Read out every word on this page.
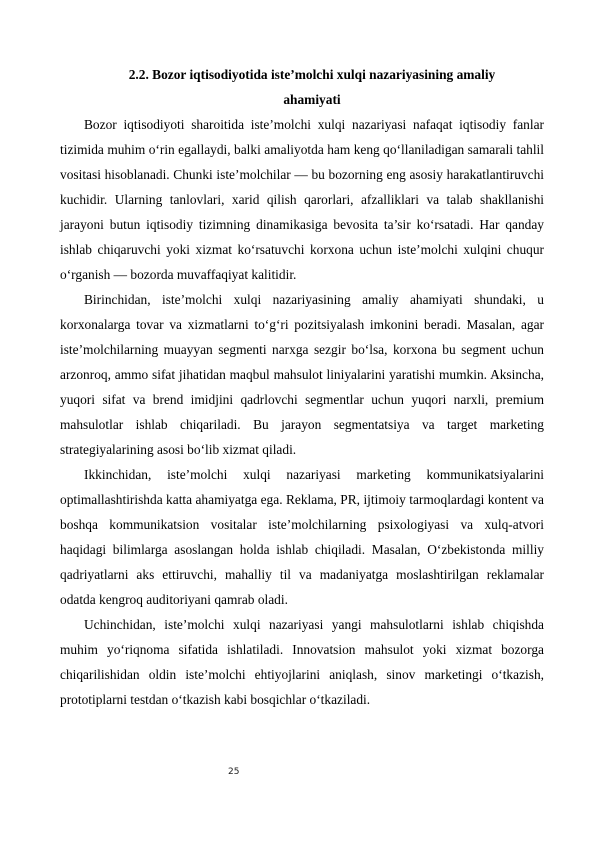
2.2. Bozor iqtisodiyotida iste’molchi xulqi nazariyasining amaliy

ahamiyati

Bozor iqtisodiyoti sharoitida iste’molchi xulqi nazariyasi nafaqat iqtisodiy fanlar tizimida muhim o‘rin egallaydi, balki amaliyotda ham keng qo‘llaniladigan samarali tahlil vositasi hisoblanadi. Chunki iste’molchilar — bu bozorning eng asosiy harakatlantiruvchi kuchidir. Ularning tanlovlari, xarid qilish qarorlari, afzalliklari va talab shakllanishi jarayoni butun iqtisodiy tizimning dinamikasiga bevosita ta’sir ko‘rsatadi. Har qanday ishlab chiqaruvchi yoki xizmat ko‘rsatuvchi korxona uchun iste’molchi xulqini chuqur o‘rganish — bozorda muvaffaqiyat kalitidir.

Birinchidan, iste’molchi xulqi nazariyasining amaliy ahamiyati shundaki, u korxonalarga tovar va xizmatlarni to‘g‘ri pozitsiyalash imkonini beradi. Masalan, agar iste’molchilarning muayyan segmenti narxga sezgir bo‘lsa, korxona bu segment uchun arzonroq, ammo sifat jihatidan maqbul mahsulot liniyalarini yaratishi mumkin. Aksincha, yuqori sifat va brend imidjini qadrlovchi segmentlar uchun yuqori narxli, premium mahsulotlar ishlab chiqariladi. Bu jarayon segmentatsiya va target marketing strategiyalarining asosi bo‘lib xizmat qiladi.

Ikkinchidan, iste’molchi xulqi nazariyasi marketing kommunikatsiyalarini optimallashtirishda katta ahamiyatga ega. Reklama, PR, ijtimoiy tarmoqlardagi kontent va boshqa kommunikatsion vositalar iste’molchilarning psixologiyasi va xulq-atvori haqidagi bilimlarga asoslangan holda ishlab chiqiladi. Masalan, O‘zbekistonda milliy qadriyatlarni aks ettiruvchi, mahalliy til va madaniyatga moslashtirilgan reklamalar odatda kengroq auditoriyani qamrab oladi.

Uchinchidan, iste’molchi xulqi nazariyasi yangi mahsulotlarni ishlab chiqishda muhim yo‘riqnoma sifatida ishlatiladi. Innovatsion mahsulot yoki xizmat bozorga chiqarilishidan oldin iste’molchi ehtiyojlarini aniqlash, sinov marketingi o‘tkazish, prototiplarni testdan o‘tkazish kabi bosqichlar o‘tkaziladi.

25
